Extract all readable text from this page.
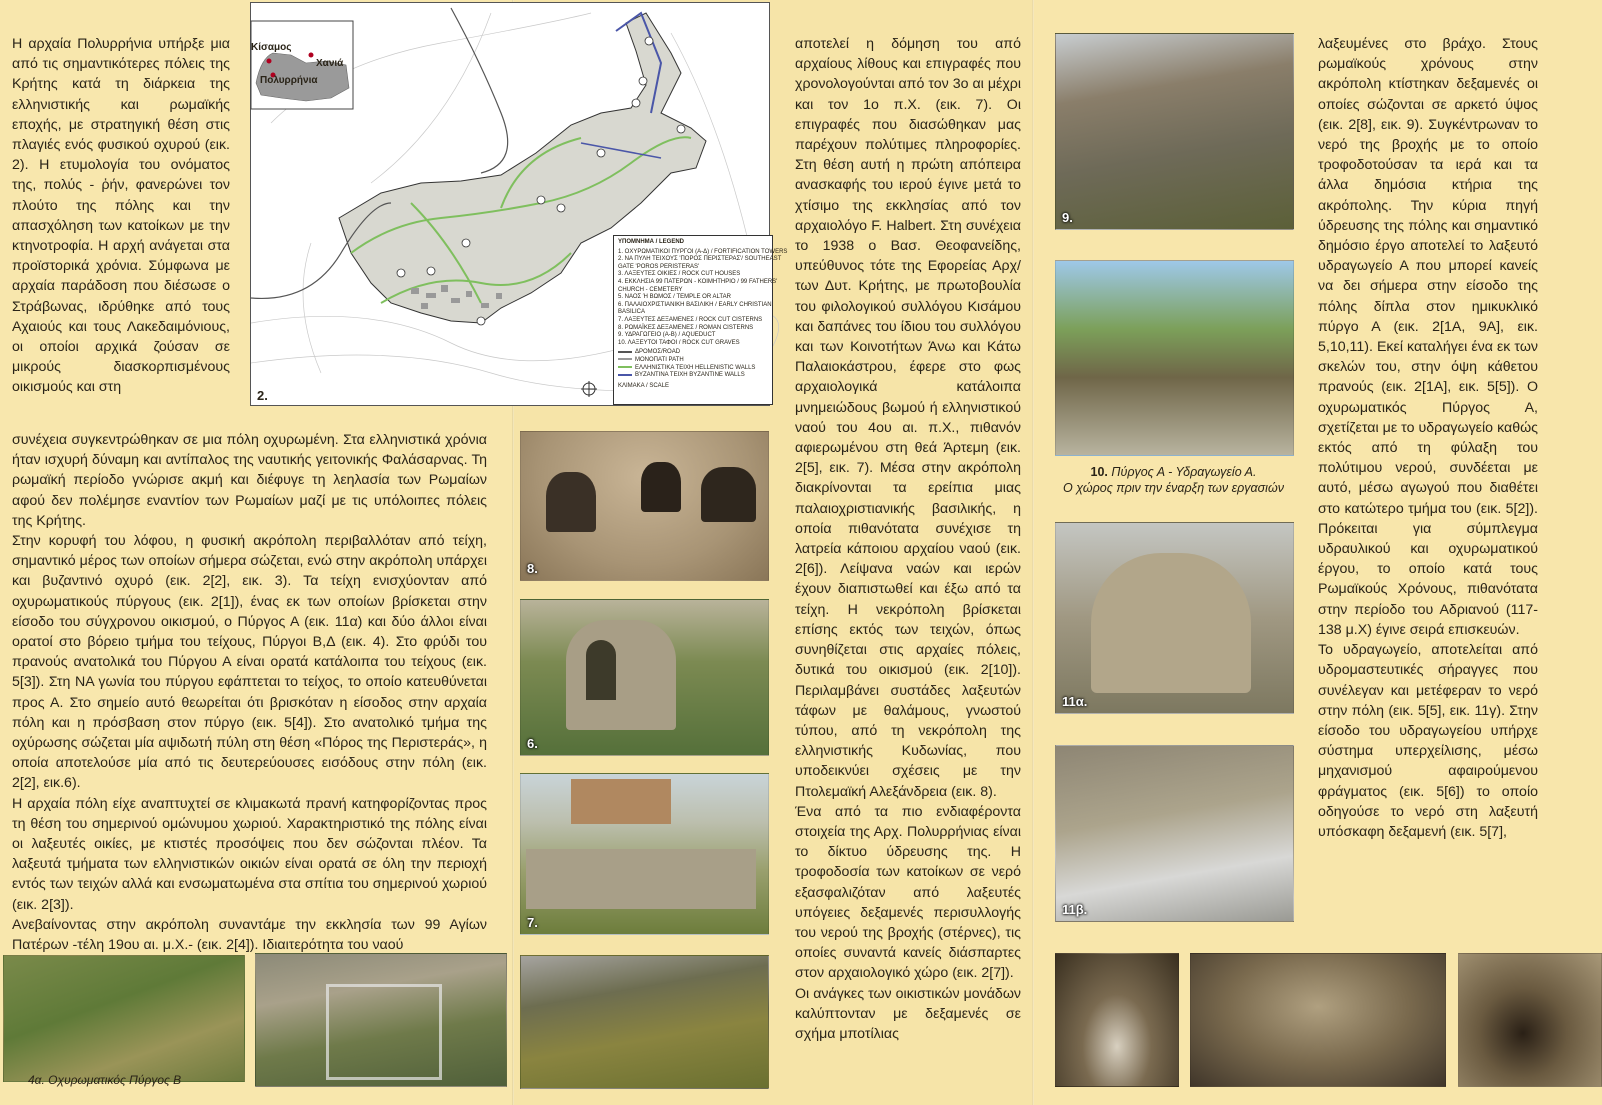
Κίσαμος
Χανιά
Πολυρρήνια
2.
ΥΠΟΜΝΗΜΑ / LEGEND
1. ΟΧΥΡΩΜΑΤΙΚΟΙ ΠΥΡΓΟΙ (Α-Δ) / FORTIFICATION TOWERS
2. ΝΑ ΠΥΛΗ ΤΕΙΧΟΥΣ 'ΠΟΡΟΣ ΠΕΡΙΣΤΕΡΑΣ'/ SOUTHEAST
GATE 'POROS PERISTERAS'
3. ΛΑΞΕΥΤΕΣ ΟΙΚΙΕΣ / ROCK CUT HOUSES
4. ΕΚΚΛΗΣΙΑ 99 ΠΑΤΕΡΩΝ - ΚΟΙΜΗΤΗΡΙΟ / 99 FATHERS'
CHURCH - CEMETERY
5. ΝΑΟΣ Ή ΒΩΜΟΣ / TEMPLE OR ALTAR
6. ΠΑΛΑΙΟΧΡΙΣΤΙΑΝΙΚΗ ΒΑΣΙΛΙΚΗ / EARLY CHRISTIAN
BASILICA
7. ΛΑΞΕΥΤΕΣ ΔΕΞΑΜΕΝΕΣ / ROCK CUT CISTERNS
8. ΡΩΜΑΪΚΕΣ ΔΕΞΑΜΕΝΕΣ / ROMAN CISTERNS
9. ΥΔΡΑΓΩΓΕΙΟ (Α-Β) / AQUEDUCT
10. ΛΑΞΕΥΤΟΙ ΤΑΦΟΙ / ROCK CUT GRAVES
ΔΡΟΜΟΣ/ROAD
ΜΟΝΟΠΑΤΙ PATH
ΕΛΛΗΝΙΣΤΙΚΑ ΤΕΙΧΗ HELLENISTIC WALLS
ΒΥΖΑΝΤΙΝΑ ΤΕΙΧΗ BYZANTINE WALLS
ΚΛΙΜΑΚΑ / SCALE
Η αρχαία Πολυρρήνια υπήρξε μια από τις σημαντικότερες πόλεις της Κρήτης κατά τη διάρκεια της ελληνιστικής και ρωμαϊκής εποχής, με στρατηγική θέση στις πλαγιές ενός φυσικού οχυρού (εικ. 2). Η ετυμολογία του ονόματος της, πολύς - ῥήν, φανερώνει τον πλούτο της πόλης και την απασχόληση των κατοίκων με την κτηνοτροφία. Η αρχή ανάγεται στα προϊστορικά χρόνια. Σύμφωνα με αρχαία παράδοση που διέσωσε ο Στράβωνας, ιδρύθηκε από τους Αχαιούς και τους Λακεδαιμόνιους, οι οποίοι αρχικά ζούσαν σε μικρούς διασκορπισμένους οικισμούς και στη

συνέχεια συγκεντρώθηκαν σε μια πόλη οχυρωμένη. Στα ελληνιστικά χρόνια ήταν ισχυρή δύναμη και αντίπαλος της ναυτικής γειτονικής Φαλάσαρνας. Τη ρωμαϊκή περίοδο γνώρισε ακμή και διέφυγε τη λεηλασία των Ρωμαίων αφού δεν πολέμησε εναντίον των Ρωμαίων μαζί με τις υπόλοιπες πόλεις της Κρήτης.

Στην κορυφή του λόφου, η φυσική ακρόπολη περιβαλλόταν από τείχη, σημαντικό μέρος των οποίων σήμερα σώζεται, ενώ στην ακρόπολη υπάρχει και βυζαντινό οχυρό (εικ. 2[2], εικ. 3). Τα τείχη ενισχύονταν από οχυρωματικούς πύργους (εικ. 2[1]), ένας εκ των οποίων βρίσκεται στην είσοδο του σύγχρονου οικισμού, ο Πύργος Α (εικ. 11α) και δύο άλλοι είναι ορατοί στο βόρειο τμήμα του τείχους, Πύργοι Β,Δ (εικ. 4). Στο φρύδι του πρανούς ανατολικά του Πύργου Α είναι ορατά κατάλοιπα του τείχους (εικ. 5[3]). Στη ΝΑ γωνία του πύργου εφάπτεται το τείχος, το οποίο κατευθύνεται προς Α. Στο σημείο αυτό θεωρείται ότι βρισκόταν η είσοδος στην αρχαία πόλη και η πρόσβαση στον πύργο (εικ. 5[4]). Στο ανατολικό τμήμα της οχύρωσης σώζεται μία αψιδωτή πύλη στη θέση «Πόρος της Περιστεράς», η οποία αποτελούσε μία από τις δευτερεύουσες εισόδους στην πόλη (εικ. 2[2], εικ.6).

Η αρχαία πόλη είχε αναπτυχτεί σε κλιμακωτά πρανή κατηφορίζοντας προς τη θέση του σημερινού ομώνυμου χωριού. Χαρακτηριστικό της πόλης είναι οι λαξευτές οικίες, με κτιστές προσόψεις που δεν σώζονται πλέον. Τα λαξευτά τμήματα των ελληνιστικών οικιών είναι ορατά σε όλη την περιοχή εντός των τειχών αλλά και ενσωματωμένα στα σπίτια του σημερινού χωριού (εικ. 2[3]).

Ανεβαίνοντας στην ακρόπολη συναντάμε την εκκλησία των 99 Αγίων Πατέρων -τέλη 19ου αι. μ.Χ.- (εικ. 2[4]). Ιδιαιτερότητα του ναού

4α. Οχυρωματικός Πύργος Β
8.
6.
7.

αποτελεί η δόμηση του από αρχαίους λίθους και επιγραφές που χρονολογούνται από τον 3ο αι μέχρι και τον 1ο π.Χ. (εικ. 7). Οι επιγραφές που διασώθηκαν μας παρέχουν πολύτιμες πληροφορίες. Στη θέση αυτή η πρώτη απόπειρα ανασκαφής του ιερού έγινε μετά το χτίσιμο της εκκλησίας από τον αρχαιολόγο F. Halbert. Στη συνέχεια το 1938 ο Βασ. Θεοφανείδης, υπεύθυνος τότε της Εφορείας Αρχ/των Δυτ. Κρήτης, με πρωτοβουλία του φιλολογικού συλλόγου Κισάμου και δαπάνες του ίδιου του συλλόγου και των Κοινοτήτων Άνω και Κάτω Παλαιοκάστρου, έφερε στο φως αρχαιολογικά κατάλοιπα μνημειώδους βωμού ή ελληνιστικού ναού του 4ου αι. π.Χ., πιθανόν αφιερωμένου στη θεά Άρτεμη (εικ. 2[5], εικ. 7). Μέσα στην ακρόπολη διακρίνονται τα ερείπια μιας παλαιοχριστιανικής βασιλικής, η οποία πιθανότατα συνέχισε τη λατρεία κάποιου αρχαίου ναού (εικ. 2[6]). Λείψανα ναών και ιερών έχουν διαπιστωθεί και έξω από τα τείχη. Η νεκρόπολη βρίσκεται επίσης εκτός των τειχών, όπως συνηθίζεται στις αρχαίες πόλεις, δυτικά του οικισμού (εικ. 2[10]). Περιλαμβάνει συστάδες λαξευτών τάφων με θαλάμους, γνωστού τύπου, από τη νεκρόπολη της ελληνιστικής Κυδωνίας, που υποδεικνύει σχέσεις με την Πτολεμαϊκή Αλεξάνδρεια (εικ. 8).

Ένα από τα πιο ενδιαφέροντα στοιχεία της Αρχ. Πολυρρήνιας είναι το δίκτυο ύδρευσης της. Η τροφοδοσία των κατοίκων σε νερό εξασφαλιζόταν από λαξευτές υπόγειες δεξαμενές περισυλλογής του νερού της βροχής (στέρνες), τις οποίες συναντά κανείς διάσπαρτες στον αρχαιολογικό χώρο (εικ. 2[7]).

Οι ανάγκες των οικιστικών μονάδων καλύπτονταν με δεξαμενές σε σχήμα μποτίλιας

9.
10. Πύργος Α - Υδραγωγείο Α.
Ο χώρος πριν την έναρξη των εργασιών
11α.
11β.

λαξευμένες στο βράχο. Στους ρωμαϊκούς χρόνους στην ακρόπολη κτίστηκαν δεξαμενές οι οποίες σώζονται σε αρκετό ύψος (εικ. 2[8], εικ. 9). Συγκέντρωναν το νερό της βροχής με το οποίο τροφοδοτούσαν τα ιερά και τα άλλα δημόσια κτήρια της ακρόπολης. Την κύρια πηγή ύδρευσης της πόλης και σημαντικό δημόσιο έργο αποτελεί το λαξευτό υδραγωγείο Α που μπορεί κανείς να δει σήμερα στην είσοδο της πόλης δίπλα στον ημικυκλικό πύργο Α (εικ. 2[1Α, 9Α], εικ. 5,10,11). Εκεί καταλήγει ένα εκ των σκελών του, στην όψη κάθετου πρανούς (εικ. 2[1Α], εικ. 5[5]). Ο οχυρωματικός Πύργος Α, σχετίζεται με το υδραγωγείο καθώς εκτός από τη φύλαξη του πολύτιμου νερού, συνδέεται με αυτό, μέσω αγωγού που διαθέτει στο κατώτερο τμήμα του (εικ. 5[2]). Πρόκειται για σύμπλεγμα υδραυλικού και οχυρωματικού έργου, το οποίο κατά τους Ρωμαϊκούς Χρόνους, πιθανότατα στην περίοδο του Αδριανού (117-138 μ.Χ) έγινε σειρά επισκευών.

Το υδραγωγείο, αποτελείται από υδρομαστευτικές σήραγγες που συνέλεγαν και μετέφεραν το νερό στην πόλη (εικ. 5[5], εικ. 11γ). Στην είσοδο του υδραγωγείου υπήρχε σύστημα υπερχείλισης, μέσω μηχανισμού αφαιρούμενου φράγματος (εικ. 5[6]) το οποίο οδηγούσε το νερό στη λαξευτή υπόσκαφη δεξαμενή (εικ. 5[7],
